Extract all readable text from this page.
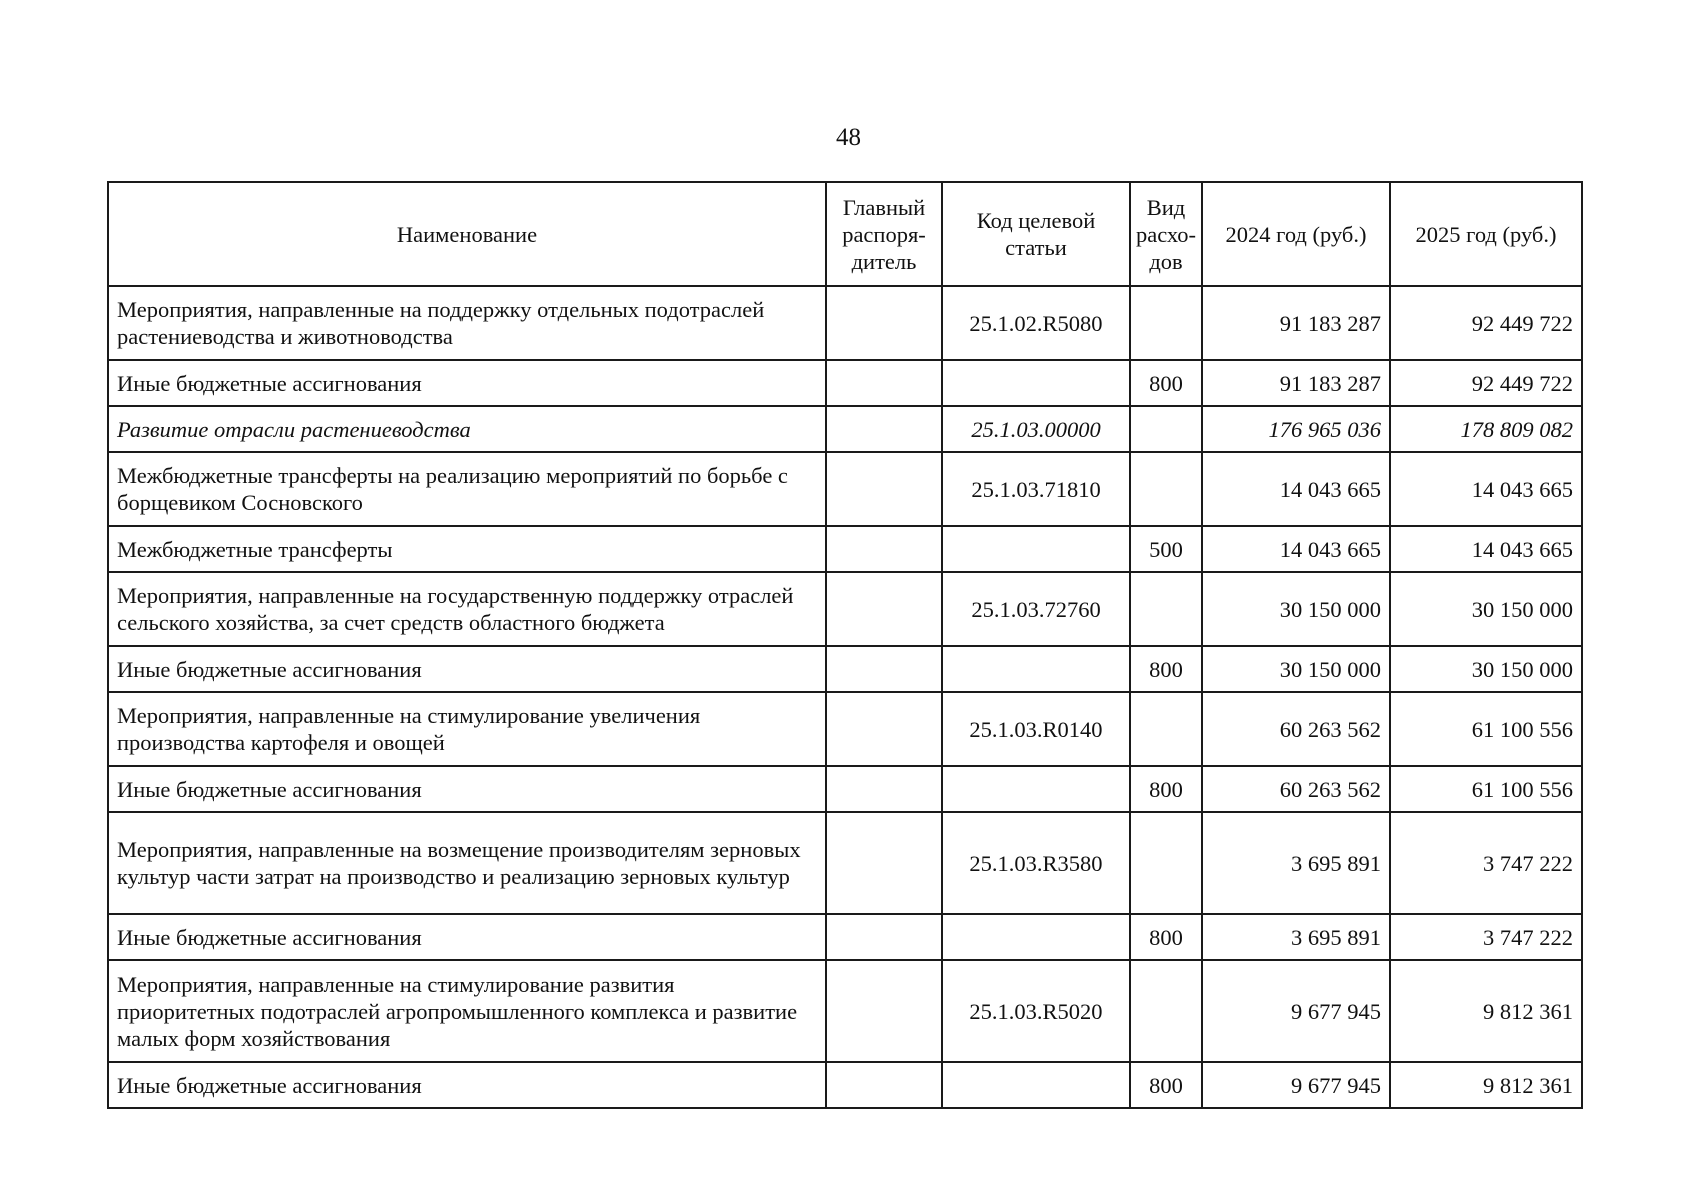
48
Наименование	Главный распоря-дитель	Код целевой статьи	Вид расхо-дов	2024 год (руб.)	2025 год (руб.)
Мероприятия, направленные на поддержку отдельных подотраслей растениеводства и животноводства		25.1.02.R5080		91 183 287	92 449 722
Иные бюджетные ассигнования			800	91 183 287	92 449 722
Развитие отрасли растениеводства		25.1.03.00000		176 965 036	178 809 082
Межбюджетные трансферты на реализацию мероприятий по борьбе с борщевиком Сосновского		25.1.03.71810		14 043 665	14 043 665
Межбюджетные трансферты			500	14 043 665	14 043 665
Мероприятия, направленные на государственную поддержку отраслей сельского хозяйства, за счет средств областного бюджета		25.1.03.72760		30 150 000	30 150 000
Иные бюджетные ассигнования			800	30 150 000	30 150 000
Мероприятия, направленные на стимулирование увеличения производства картофеля и овощей		25.1.03.R0140		60 263 562	61 100 556
Иные бюджетные ассигнования			800	60 263 562	61 100 556
Мероприятия, направленные на возмещение производителям зерновых культур части затрат на производство и реализацию зерновых культур		25.1.03.R3580		3 695 891	3 747 222
Иные бюджетные ассигнования			800	3 695 891	3 747 222
Мероприятия, направленные на стимулирование развития приоритетных подотраслей агропромышленного комплекса и развитие малых форм хозяйствования		25.1.03.R5020		9 677 945	9 812 361
Иные бюджетные ассигнования			800	9 677 945	9 812 361
